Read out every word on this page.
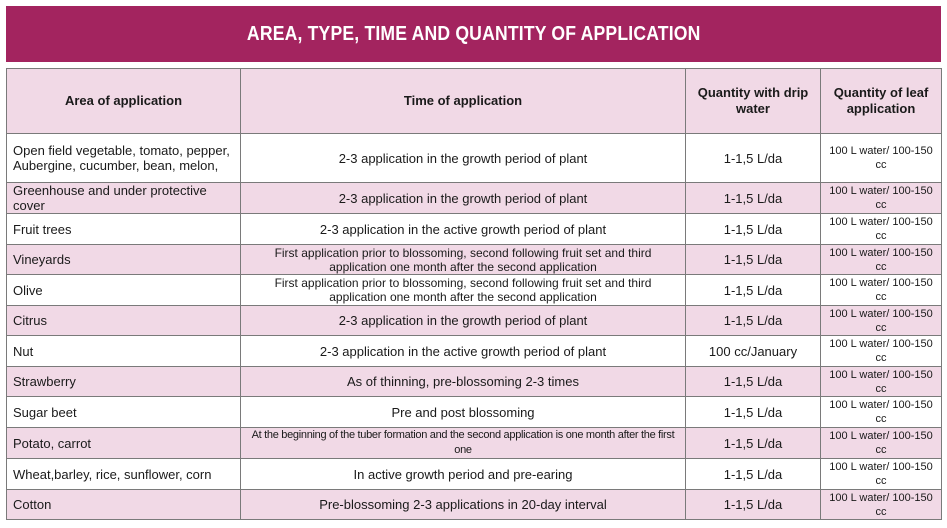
AREA, TYPE, TIME AND QUANTITY OF APPLICATION
Area of application	Time of application	Quantity with drip water	Quantity of leaf application
Open field vegetable, tomato, pepper, Aubergine, cucumber, bean, melon,	2-3 application in the growth period of plant	1-1,5 L/da	100 L water/ 100-150 cc
Greenhouse and under protective cover	2-3 application in the growth period of plant	1-1,5 L/da	100 L water/ 100-150 cc
Fruit trees	2-3 application in the active growth period of plant	1-1,5 L/da	100 L water/ 100-150 cc
Vineyards	First application prior to blossoming, second following fruit set and third application one month after the second application	1-1,5 L/da	100 L water/ 100-150 cc
Olive	First application prior to blossoming, second following fruit set and third application one month after the second application	1-1,5 L/da	100 L water/ 100-150 cc
Citrus	2-3 application in the growth period of plant	1-1,5 L/da	100 L water/ 100-150 cc
Nut	2-3 application in the active growth period of plant	100 cc/January	100 L water/ 100-150 cc
Strawberry	As of thinning, pre-blossoming 2-3 times	1-1,5 L/da	100 L water/ 100-150 cc
Sugar beet	Pre and post blossoming	1-1,5 L/da	100 L water/ 100-150 cc
Potato, carrot	At the beginning of the tuber formation and the second application is one month after the first one	1-1,5 L/da	100 L water/ 100-150 cc
Wheat,barley, rice, sunflower, corn	In active growth period and pre-earing	1-1,5 L/da	100 L water/ 100-150 cc
Cotton	Pre-blossoming 2-3 applications in 20-day interval	1-1,5 L/da	100 L water/ 100-150 cc
